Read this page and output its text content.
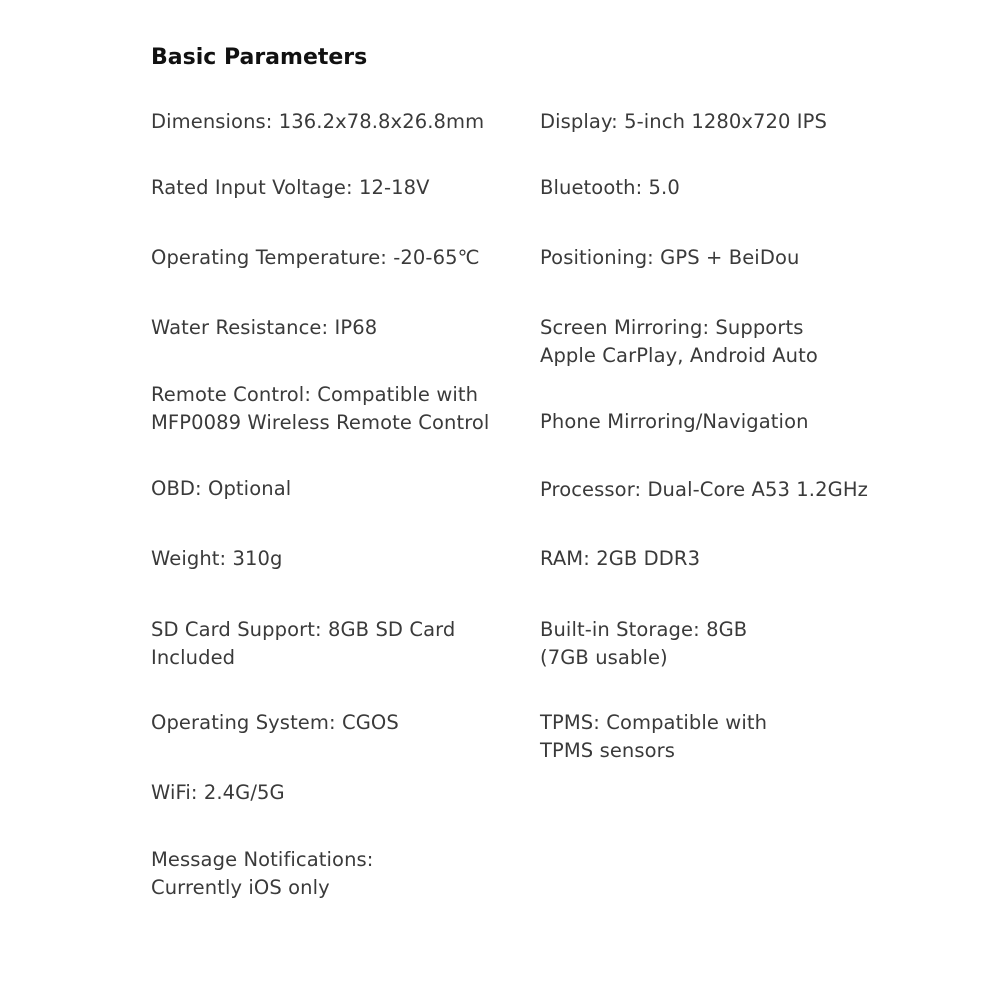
Basic Parameters
Dimensions: 136.2x78.8x26.8mm
Rated Input Voltage: 12-18V
Operating Temperature: -20-65℃
Water Resistance: IP68
Remote Control: Compatible with
MFP0089 Wireless Remote Control
OBD: Optional
Weight: 310g
SD Card Support: 8GB SD Card
Included
Operating System: CGOS
WiFi: 2.4G/5G
Message Notifications:
Currently iOS only
Display: 5-inch 1280x720 IPS
Bluetooth: 5.0
Positioning: GPS + BeiDou
Screen Mirroring: Supports
Apple CarPlay, Android Auto
Phone Mirroring/Navigation
Processor: Dual-Core A53 1.2GHz
RAM: 2GB DDR3
Built-in Storage: 8GB
(7GB usable)
TPMS: Compatible with
TPMS sensors
